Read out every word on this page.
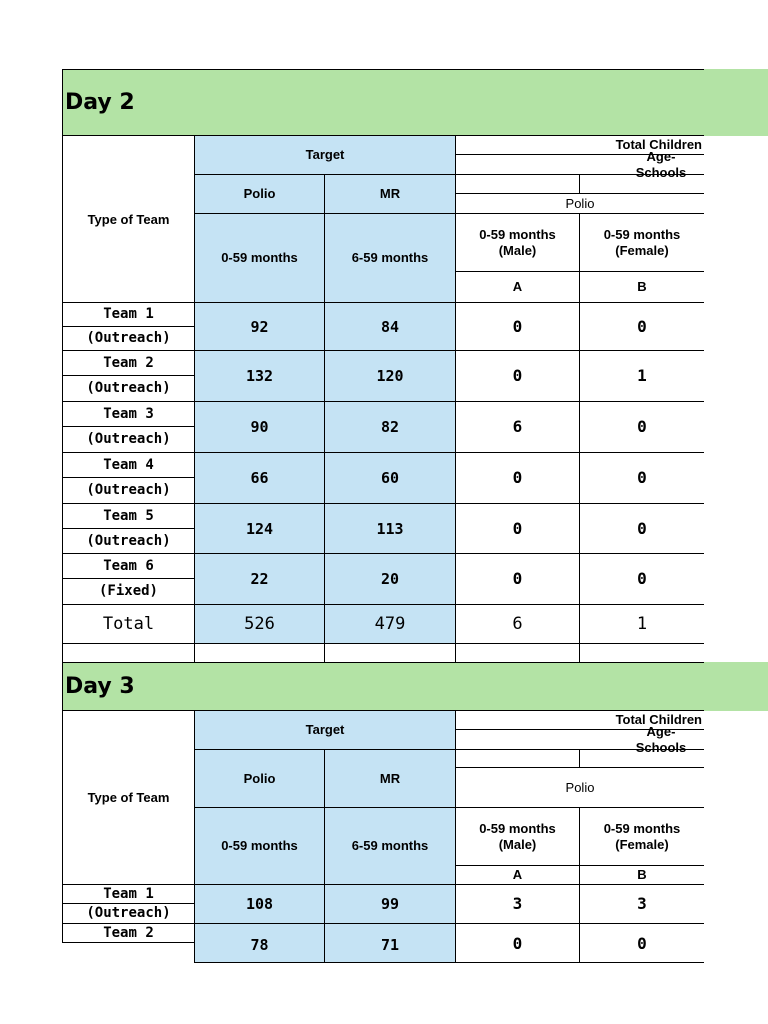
Day 2
Type of Team
Target
Polio	MR
0-59 months	6-59 months
Total Children
Age- Schools
Polio
0-59 months
(Male)
0-59 months
(Female)
A	B
Team 1
(Outreach)
92	84	0	0
Team 2
(Outreach)
132	120	0	1
Team 3
(Outreach)
90	82	6	0
Team 4
(Outreach)
66	60	0	0
Team 5
(Outreach)
124	113	0	0
Team 6
(Fixed)
22	20	0	0
Total	526	479	6	1
Day 3
Type of Team
Target
Polio	MR
0-59 months	6-59 months
Total Children
Age- Schools
Polio
0-59 months
(Male)
0-59 months
(Female)
A	B
Team 1
(Outreach)
108	99	3	3
Team 2
78	71	0	0
